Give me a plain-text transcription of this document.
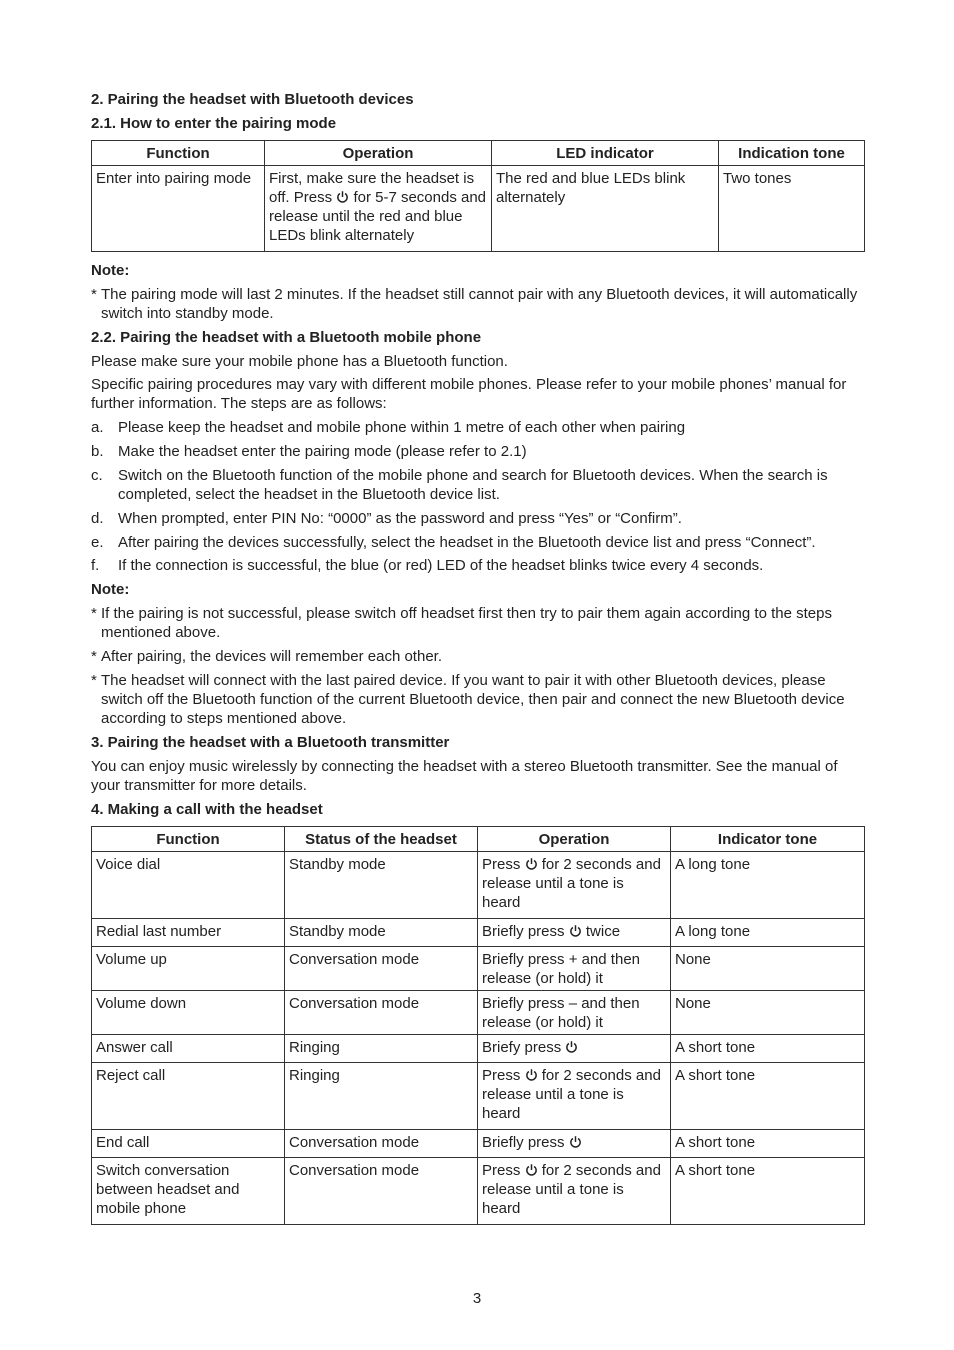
2. Pairing the headset with Bluetooth devices
2.1. How to enter the pairing mode
Function	Operation	LED indicator	Indication tone
Enter into pairing mode	First, make sure the headset is off. Press for 5-7 seconds and release until the red and blue LEDs blink alternately	The red and blue LEDs blink alternately	Two tones
Note:
* The pairing mode will last 2 minutes. If the headset still cannot pair with any Bluetooth devices, it will automatically switch into standby mode.
2.2. Pairing the headset with a Bluetooth mobile phone
Please make sure your mobile phone has a Bluetooth function.
Specific pairing procedures may vary with different mobile phones. Please refer to your mobile phones’ manual for further information. The steps are as follows:
a. Please keep the headset and mobile phone within 1 metre of each other when pairing
b. Make the headset enter the pairing mode (please refer to 2.1)
c. Switch on the Bluetooth function of the mobile phone and search for Bluetooth devices. When the search is completed, select the headset in the Bluetooth device list.
d. When prompted, enter PIN No: “0000” as the password and press “Yes” or “Confirm”.
e. After pairing the devices successfully, select the headset in the Bluetooth device list and press “Connect”.
f. If the connection is successful, the blue (or red) LED of the headset blinks twice every 4 seconds.
Note:
* If the pairing is not successful, please switch off headset first then try to pair them again according to the steps mentioned above.
* After pairing, the devices will remember each other.
* The headset will connect with the last paired device. If you want to pair it with other Bluetooth devices, please switch off the Bluetooth function of the current Bluetooth device, then pair and connect the new Bluetooth device according to steps mentioned above.
3. Pairing the headset with a Bluetooth transmitter
You can enjoy music wirelessly by connecting the headset with a stereo Bluetooth transmitter. See the manual of your transmitter for more details.
4. Making a call with the headset
Function	Status of the headset	Operation	Indicator tone
Voice dial	Standby mode	Press for 2 seconds and release until a tone is heard	A long tone
Redial last number	Standby mode	Briefly press twice	A long tone
Volume up	Conversation mode	Briefly press + and then release (or hold) it	None
Volume down	Conversation mode	Briefly press – and then release (or hold) it	None
Answer call	Ringing	Briefy press	A short tone
Reject call	Ringing	Press for 2 seconds and release until a tone is heard	A short tone
End call	Conversation mode	Briefly press	A short tone
Switch conversation between headset and mobile phone	Conversation mode	Press for 2 seconds and release until a tone is heard	A short tone
3
